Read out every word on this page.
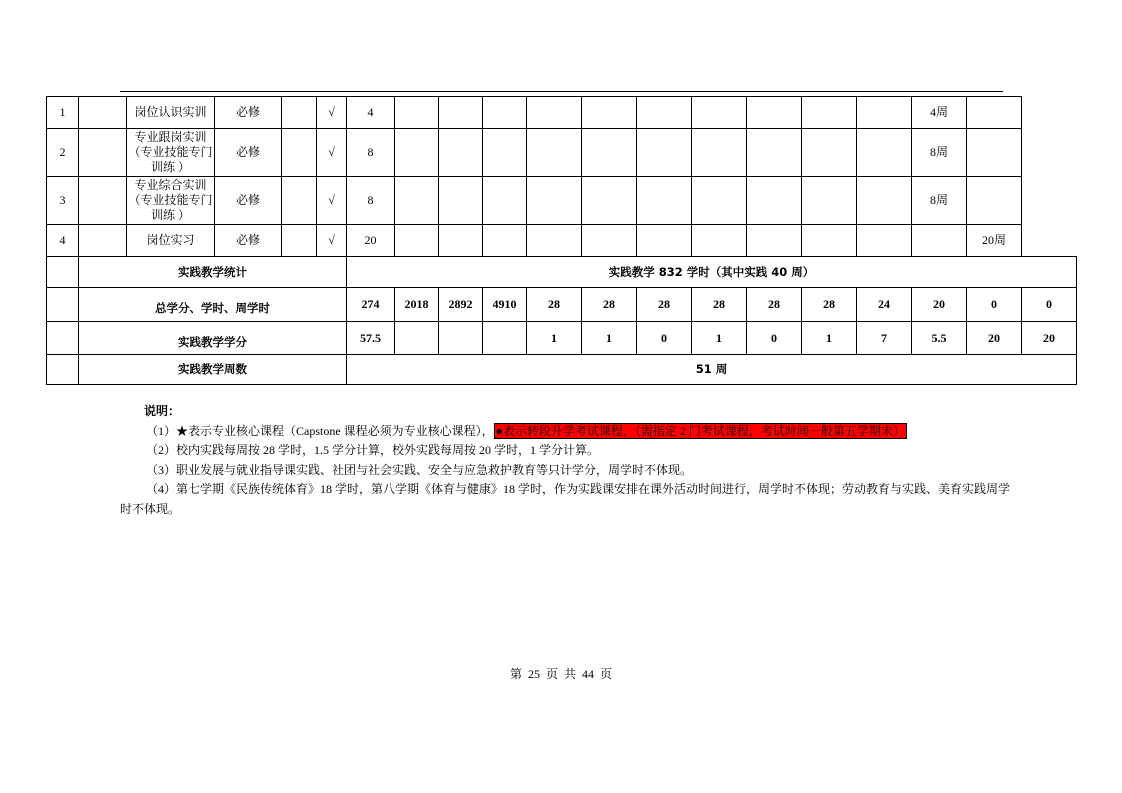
1		岗位认识实训	必修		√	4											4周		
2		专业跟岗实训（专业技能专门训练 ）	必修		√	8											8周		
3		专业综合实训（专业技能专门训练 ）	必修		√	8											8周		
4		岗位实习	必修		√	20												20周	
	实践教学统计					实践教学 832 学时（其中实践 40 周）													
	总学分、学时、周学时					274	2018	2892	4910	28	28	28	28	28	28	24	20	0	0
	实践教学学分					57.5				1	1	0	1	0	1	7	5.5	20	20
	实践教学周数					51 周													
说明：
（1）★表示专业核心课程（Capstone 课程必须为专业核心课程）， ●表示转段升学考试课程，（需指定 2 门考试课程，考试时间一般第五学期末）
（2）校内实践每周按 28 学时，1.5 学分计算，校外实践每周按 20 学时，1 学分计算。
（3）职业发展与就业指导课实践、社团与社会实践、安全与应急救护教育等只计学分，周学时不体现。
（4）第七学期《民族传统体育》18 学时，第八学期《体育与健康》18 学时，作为实践课安排在课外活动时间进行，周学时不体现；劳动教育与实践、美育实践周学
时不体现。
第 25 页 共 44 页
